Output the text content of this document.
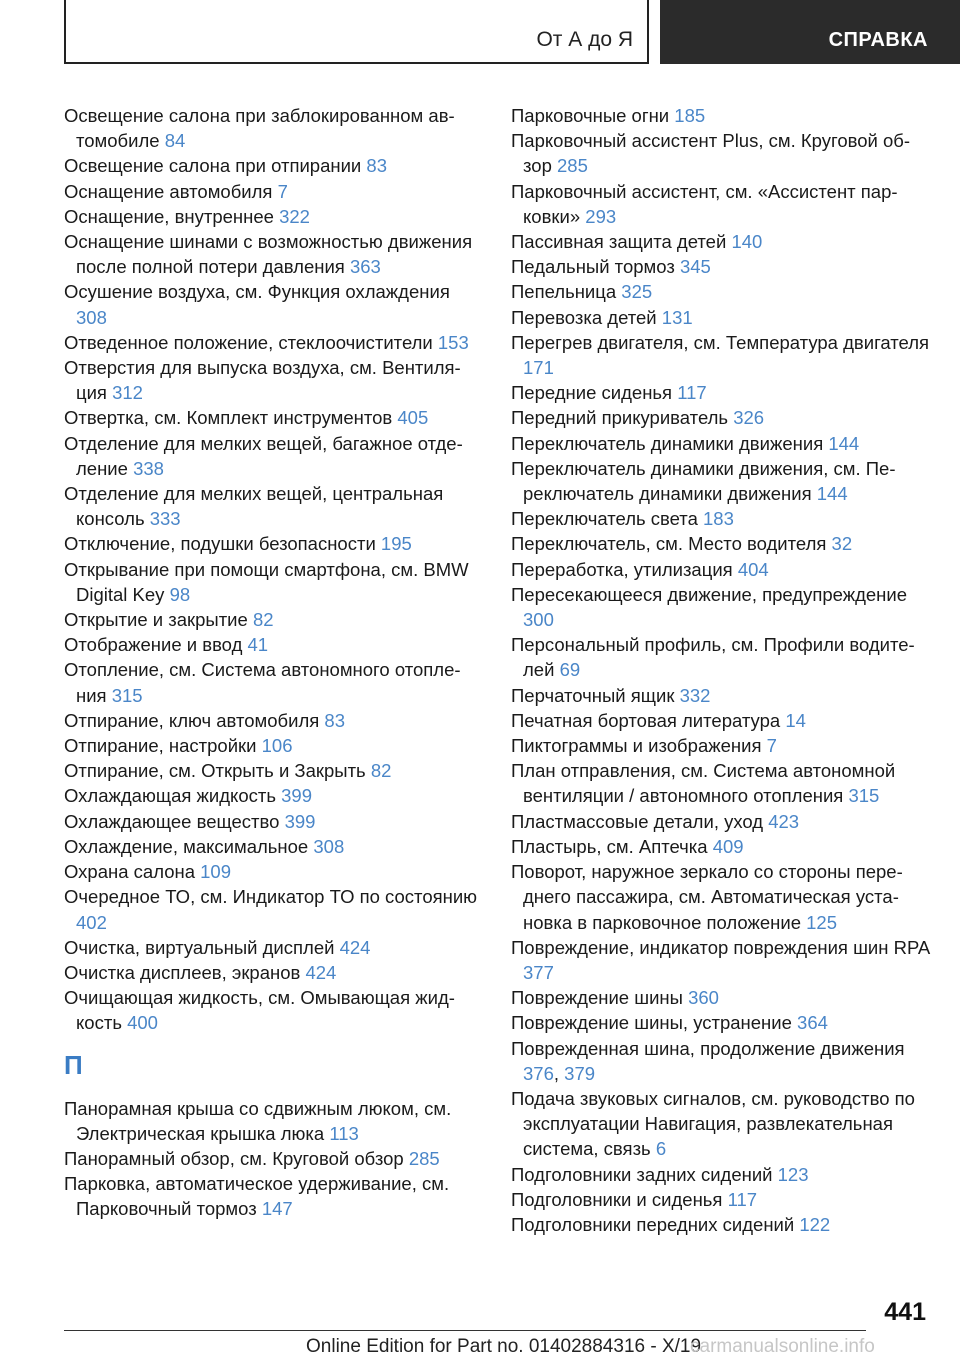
От А до Я	СПРАВКА
Освещение салона при заблокированном автомобиле 84
Освещение салона при отпирании 83
Оснащение автомобиля 7
Оснащение, внутреннее 322
Оснащение шинами с возможностью движения после полной потери давления 363
Осушение воздуха, см. Функция охлаждения 308
Отведенное положение, стеклоочистители 153
Отверстия для выпуска воздуха, см. Вентиляция 312
Отвертка, см. Комплект инструментов 405
Отделение для мелких вещей, багажное отделение 338
Отделение для мелких вещей, центральная консоль 333
Отключение, подушки безопасности 195
Открывание при помощи смартфона, см. BMW Digital Key 98
Открытие и закрытие 82
Отображение и ввод 41
Отопление, см. Система автономного отопления 315
Отпирание, ключ автомобиля 83
Отпирание, настройки 106
Отпирание, см. Открыть и Закрыть 82
Охлаждающая жидкость 399
Охлаждающее вещество 399
Охлаждение, максимальное 308
Охрана салона 109
Очередное ТО, см. Индикатор ТО по состоянию 402
Очистка, виртуальный дисплей 424
Очистка дисплеев, экранов 424
Очищающая жидкость, см. Омывающая жидкость 400
П
Панорамная крыша со сдвижным люком, см. Электрическая крышка люка 113
Панорамный обзор, см. Круговой обзор 285
Парковка, автоматическое удерживание, см. Парковочный тормоз 147
Парковочные огни 185
Парковочный ассистент Plus, см. Круговой обзор 285
Парковочный ассистент, см. «Ассистент парковки» 293
Пассивная защита детей 140
Педальный тормоз 345
Пепельница 325
Перевозка детей 131
Перегрев двигателя, см. Температура двигателя 171
Передние сиденья 117
Передний прикуриватель 326
Переключатель динамики движения 144
Переключатель динамики движения, см. Переключатель динамики движения 144
Переключатель света 183
Переключатель, см. Место водителя 32
Переработка, утилизация 404
Пересекающееся движение, предупреждение 300
Персональный профиль, см. Профили водителей 69
Перчаточный ящик 332
Печатная бортовая литература 14
Пиктограммы и изображения 7
План отправления, см. Система автономной вентиляции / автономного отопления 315
Пластмассовые детали, уход 423
Пластырь, см. Аптечка 409
Поворот, наружное зеркало со стороны переднего пассажира, см. Автоматическая установка в парковочное положение 125
Повреждение, индикатор повреждения шин RPA 377
Повреждение шины 360
Повреждение шины, устранение 364
Поврежденная шина, продолжение движения 376, 379
Подача звуковых сигналов, см. руководство по эксплуатации Навигация, развлекательная система, связь 6
Подголовники задних сидений 123
Подголовники и сиденья 117
Подголовники передних сидений 122
441
Online Edition for Part no. 01402884316 - X/19
carmanualsonline.info
